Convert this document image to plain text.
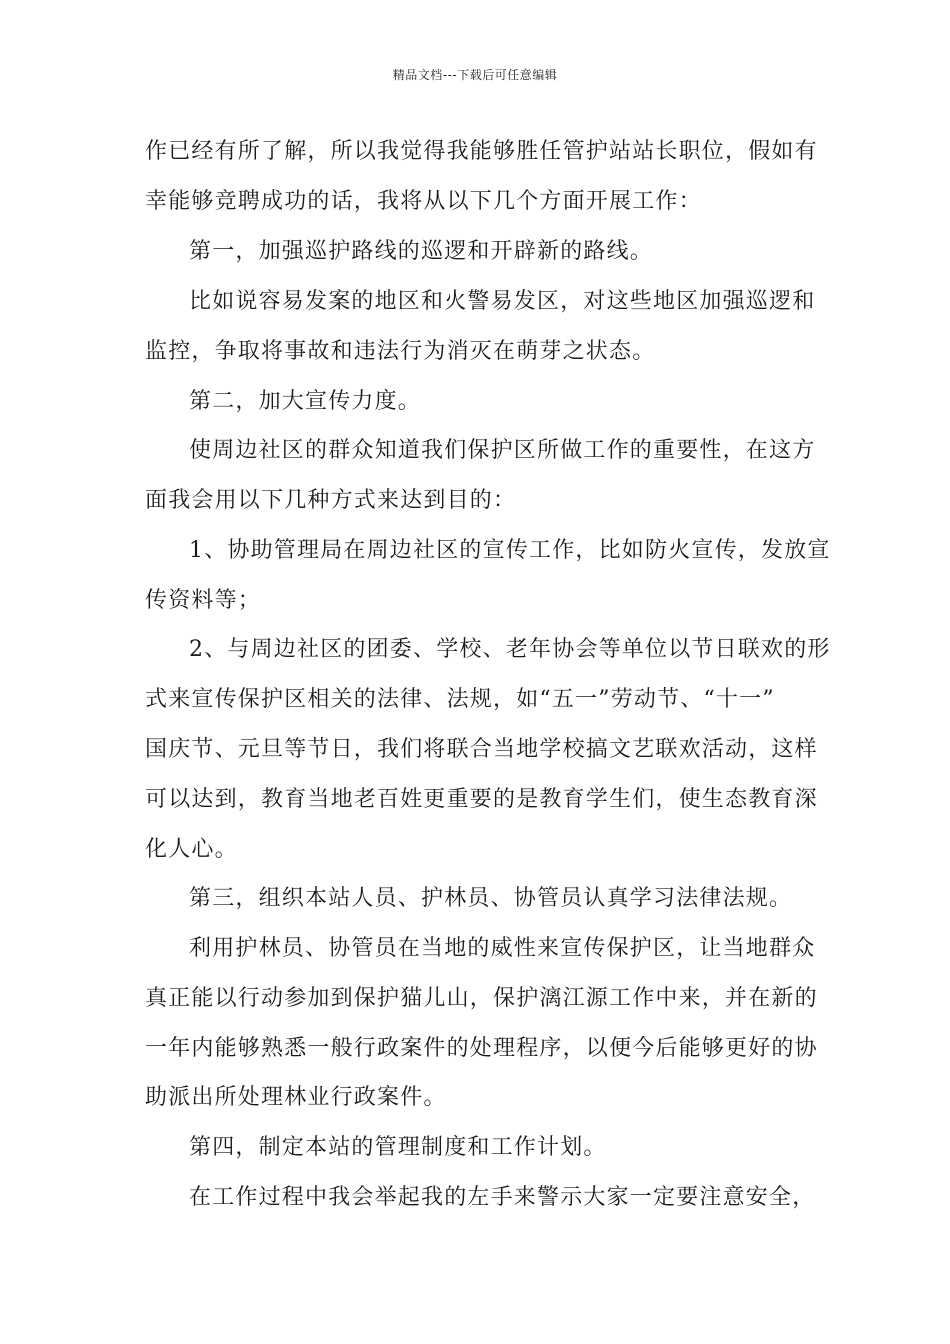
精品文档---下载后可任意编辑
作已经有所了解，所以我觉得我能够胜任管护站站长职位，假如有
幸能够竞聘成功的话，我将从以下几个方面开展工作：
第一，加强巡护路线的巡逻和开辟新的路线。
比如说容易发案的地区和火警易发区，对这些地区加强巡逻和
监控，争取将事故和违法行为消灭在萌芽之状态。
第二，加大宣传力度。
使周边社区的群众知道我们保护区所做工作的重要性，在这方
面我会用以下几种方式来达到目的：
1、协助管理局在周边社区的宣传工作，比如防火宣传，发放宣
传资料等；
2、与周边社区的团委、学校、老年协会等单位以节日联欢的形
式来宣传保护区相关的法律、法规，如“五一”劳动节、“十一”
国庆节、元旦等节日，我们将联合当地学校搞文艺联欢活动，这样
可以达到，教育当地老百姓更重要的是教育学生们，使生态教育深
化人心。
第三，组织本站人员、护林员、协管员认真学习法律法规。
利用护林员、协管员在当地的威性来宣传保护区，让当地群众
真正能以行动参加到保护猫儿山，保护漓江源工作中来，并在新的
一年内能够熟悉一般行政案件的处理程序，以便今后能够更好的协
助派出所处理林业行政案件。
第四，制定本站的管理制度和工作计划。
在工作过程中我会举起我的左手来警示大家一定要注意安全，
